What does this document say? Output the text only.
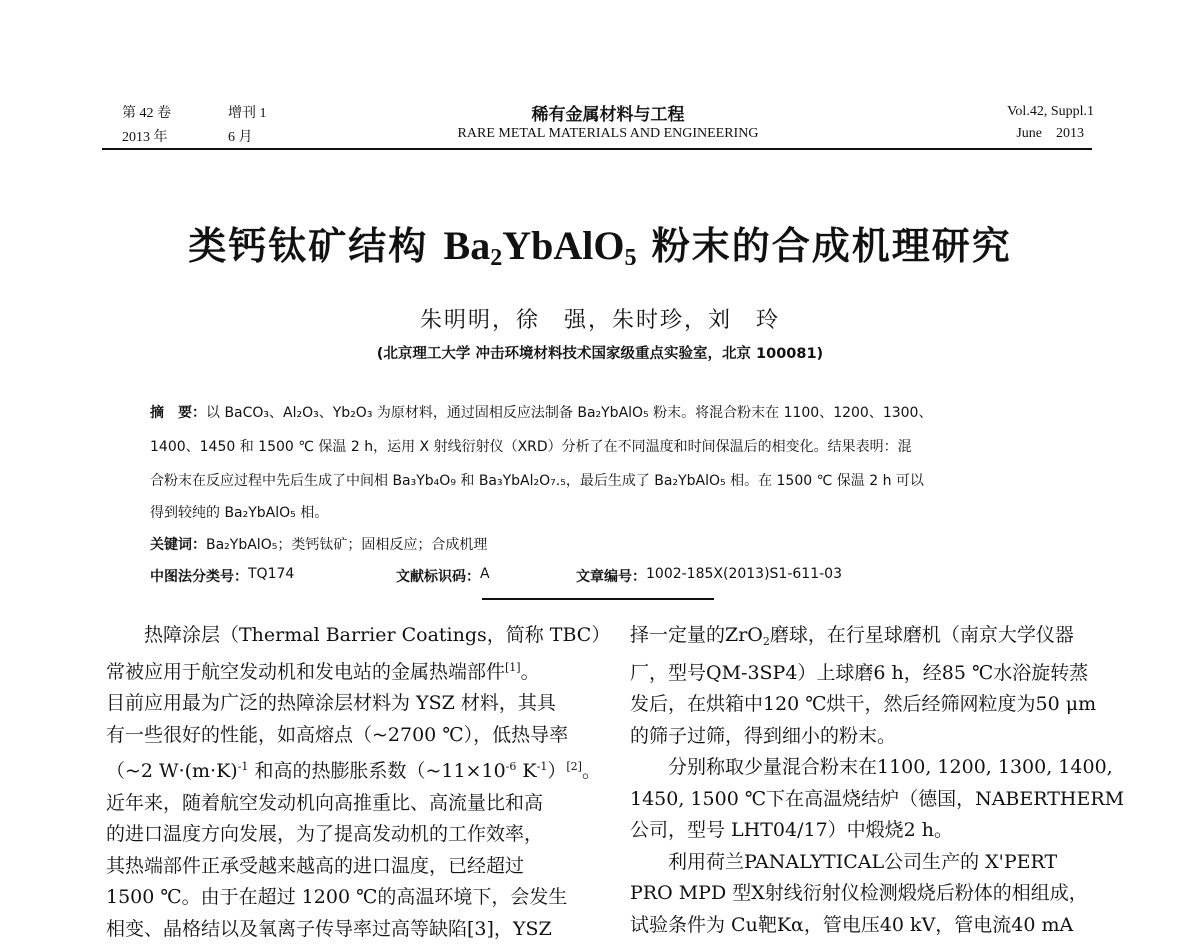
第 42 卷	增刊 1
2013 年	6 月
稀有金属材料与工程
RARE METAL MATERIALS AND ENGINEERING
Vol.42, Suppl.1
June    2013
类钙钛矿结构 $Ba_2YbAlO_5$ 粉末的合成机理研究
朱明明，徐　强，朱时珍，刘　玲
(北京理工大学 冲击环境材料技术国家级重点实验室，北京 100081)
摘　要：以 BaCO₃、Al₂O₃、Yb₂O₃ 为原材料，通过固相反应法制备 Ba₂YbAlO₅ 粉末。将混合粉末在 1100、1200、1300、
1400、1450 和 1500 ℃ 保温 2 h，运用 X 射线衍射仪（XRD）分析了在不同温度和时间保温后的相变化。结果表明：混
合粉末在反应过程中先后生成了中间相 Ba₃Yb₄O₉ 和 Ba₃YbAl₂O₇.₅，最后生成了 Ba₂YbAlO₅ 相。在 1500 ℃ 保温 2 h 可以
得到较纯的 Ba₂YbAlO₅ 相。
关键词：Ba₂YbAlO₅；类钙钛矿；固相反应；合成机理
中图法分类号： TQ174	文献标识码： A	文章编号： 1002-185X(2013)S1-611-03

　　热障涂层（Thermal Barrier Coatings，简称 TBC）

常被应用于航空发动机和发电站的金属热端部件[1]。

目前应用最为广泛的热障涂层材料为 YSZ 材料，其具

有一些很好的性能，如高熔点（~2700 ℃），低热导率

（~2 $W\cdot(m\cdot K)^{-1}$ 和高的热膨胀系数（$\sim 11\times 10^{-6}$ $K^{-1})[2]$。

近年来，随着航空发动机向高推重比、高流量比和高

的进口温度方向发展，为了提高发动机的工作效率，

其热端部件正承受越来越高的进口温度，已经超过

1500 ℃。由于在超过 1200 ℃的高温环境下，会发生

相变、晶格结以及氧离子传导率过高等缺陷[3]，YSZ

择一定量的ZrO$_2$磨球，在行星球磨机（南京大学仪器

厂，型号QM-3SP4）上球磨6 h，经85 ℃水浴旋转蒸

发后，在烘箱中120 ℃烘干，然后经筛网粒度为50 μm

的筛子过筛，得到细小的粉末。

　　分别称取少量混合粉末在1100, 1200, 1300, 1400,

1450, 1500 ℃下在高温烧结炉（德国，NABERTHERM

公司，型号 LHT04/17）中煅烧2 h。

　　利用荷兰PANALYTICAL公司生产的 X'PERT

PRO MPD 型X射线衍射仪检测煅烧后粉体的相组成，

试验条件为 Cu靶Kα，管电压40 kV，管电流40 mA
